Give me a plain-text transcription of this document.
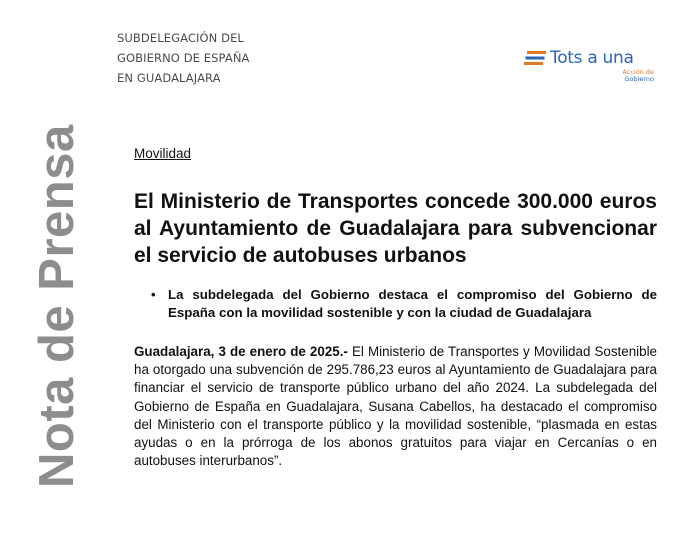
SUBDELEGACIÓN DEL
GOBIERNO DE ESPAÑA
EN GUADALAJARA
Tots a una
Acción de
Gobierno
Nota de Prensa	Movilidad
El Ministerio de Transportes concede 300.000 euros al Ayuntamiento de Guadalajara para subvencionar el servicio de autobuses urbanos
• La subdelegada del Gobierno destaca el compromiso del Gobierno de España con la movilidad sostenible y con la ciudad de Guadalajara

Guadalajara, 3 de enero de 2025.- El Ministerio de Transportes y Movilidad Sostenible ha otorgado una subvención de 295.786,23 euros al Ayuntamiento de Guadalajara para financiar el servicio de transporte público urbano del año 2024. La subdelegada del Gobierno de España en Guadalajara, Susana Cabellos, ha destacado el compromiso del Ministerio con el transporte público y la movilidad sostenible, “plasmada en estas ayudas o en la prórroga de los abonos gratuitos para viajar en Cercanías o en autobuses interurbanos”.
